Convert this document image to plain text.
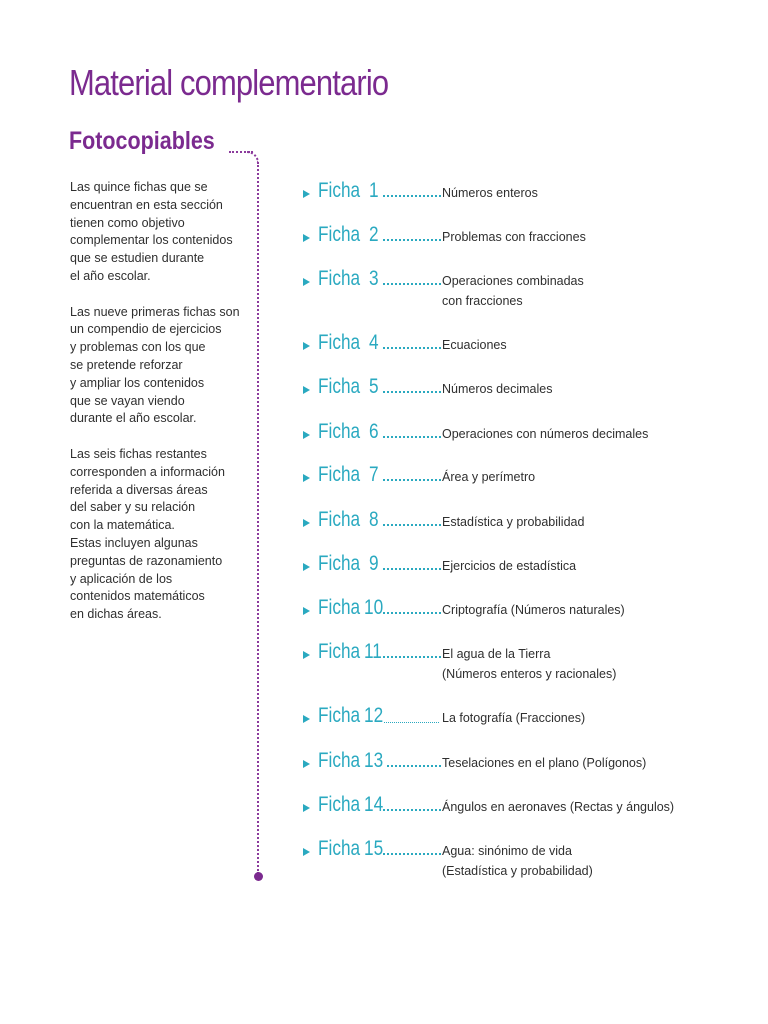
Material complementario
Fotocopiables

Las quince fichas que se
encuentran en esta sección
tienen como objetivo
complementar los contenidos
que se estudien durante
el año escolar.

Las nueve primeras fichas son
un compendio de ejercicios
y problemas con los que
se pretende reforzar
y ampliar los contenidos
que se vayan viendo
durante el año escolar.

Las seis fichas restantes
corresponden a información
referida a diversas áreas
del saber y su relación
con la matemática.
Estas incluyen algunas
preguntas de razonamiento
y aplicación de los
contenidos matemáticos
en dichas áreas.

Ficha 1	Números enteros
Ficha 2	Problemas con fracciones
Ficha 3	Operaciones combinadas
con fracciones
Ficha 4	Ecuaciones
Ficha 5	Números decimales
Ficha 6	Operaciones con números decimales
Ficha 7	Área y perímetro
Ficha 8	Estadística y probabilidad
Ficha 9	Ejercicios de estadística
Ficha 10	Criptografía (Números naturales)
Ficha 11	El agua de la Tierra
(Números enteros y racionales)
Ficha 12	La fotografía (Fracciones)
Ficha 13	Teselaciones en el plano (Polígonos)
Ficha 14	Ángulos en aeronaves (Rectas y ángulos)
Ficha 15	Agua: sinónimo de vida
(Estadística y probabilidad)
